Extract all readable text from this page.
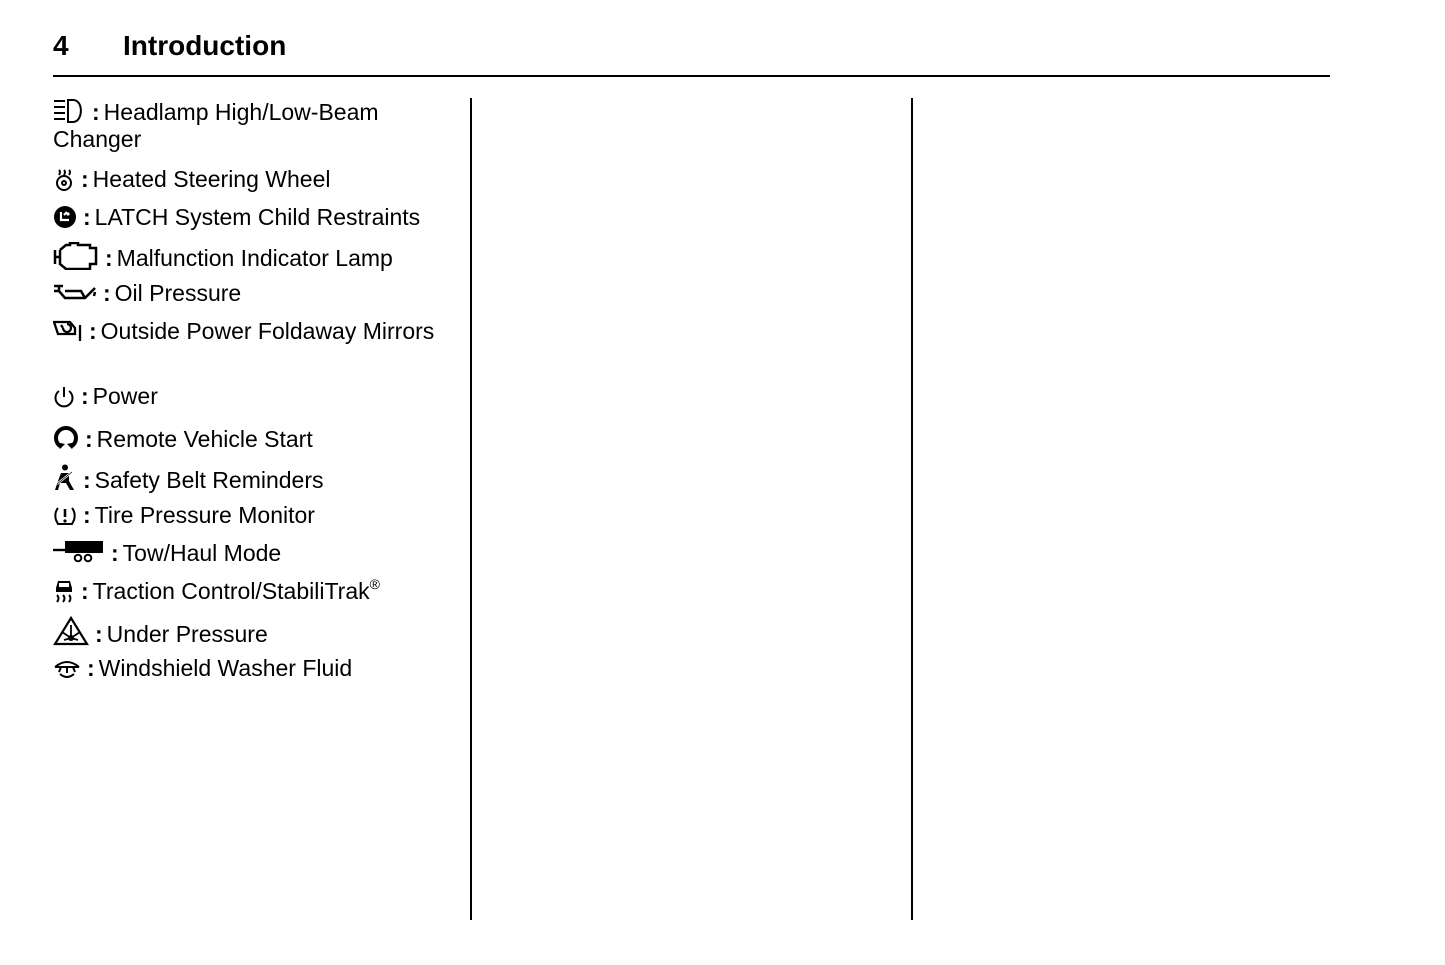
4 Introduction
: Headlamp High/Low-Beam Changer
: Heated Steering Wheel
: LATCH System Child Restraints
: Malfunction Indicator Lamp
: Oil Pressure
: Outside Power Foldaway Mirrors
: Power
: Remote Vehicle Start
: Safety Belt Reminders
: Tire Pressure Monitor
: Tow/Haul Mode
: Traction Control/StabiliTrak®
: Under Pressure
: Windshield Washer Fluid
